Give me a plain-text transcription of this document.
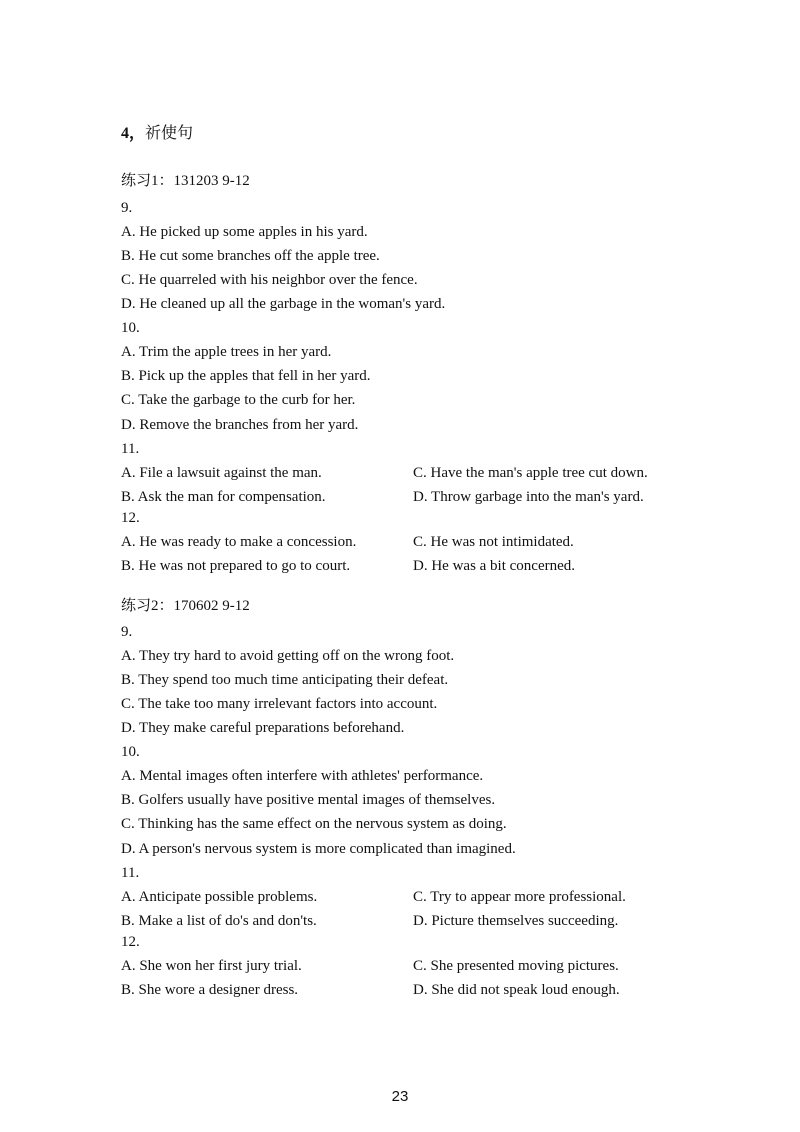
4，祈使句
练习1：131203 9-12
9.
A. He picked up some apples in his yard.
B. He cut some branches off the apple tree.
C. He quarreled with his neighbor over the fence.
D. He cleaned up all the garbage in the woman's yard.
10.
A. Trim the apple trees in her yard.
B. Pick up the apples that fell in her yard.
C. Take the garbage to the curb for her.
D. Remove the branches from her yard.
11.
A. File a lawsuit against the man.	C. Have the man's apple tree cut down.
B. Ask the man for compensation.	D. Throw garbage into the man's yard.
12.
A. He was ready to make a concession.	C. He was not intimidated.
B. He was not prepared to go to court.	D. He was a bit concerned.
练习2：170602 9-12
9.
A. They try hard to avoid getting off on the wrong foot.
B. They spend too much time anticipating their defeat.
C. The take too many irrelevant factors into account.
D. They make careful preparations beforehand.
10.
A. Mental images often interfere with athletes' performance.
B. Golfers usually have positive mental images of themselves.
C. Thinking has the same effect on the nervous system as doing.
D. A person's nervous system is more complicated than imagined.
11.
A. Anticipate possible problems.	C. Try to appear more professional.
B. Make a list of do's and don'ts.	D. Picture themselves succeeding.
12.
A. She won her first jury trial.	C. She presented moving pictures.
B. She wore a designer dress.	D. She did not speak loud enough.
23
